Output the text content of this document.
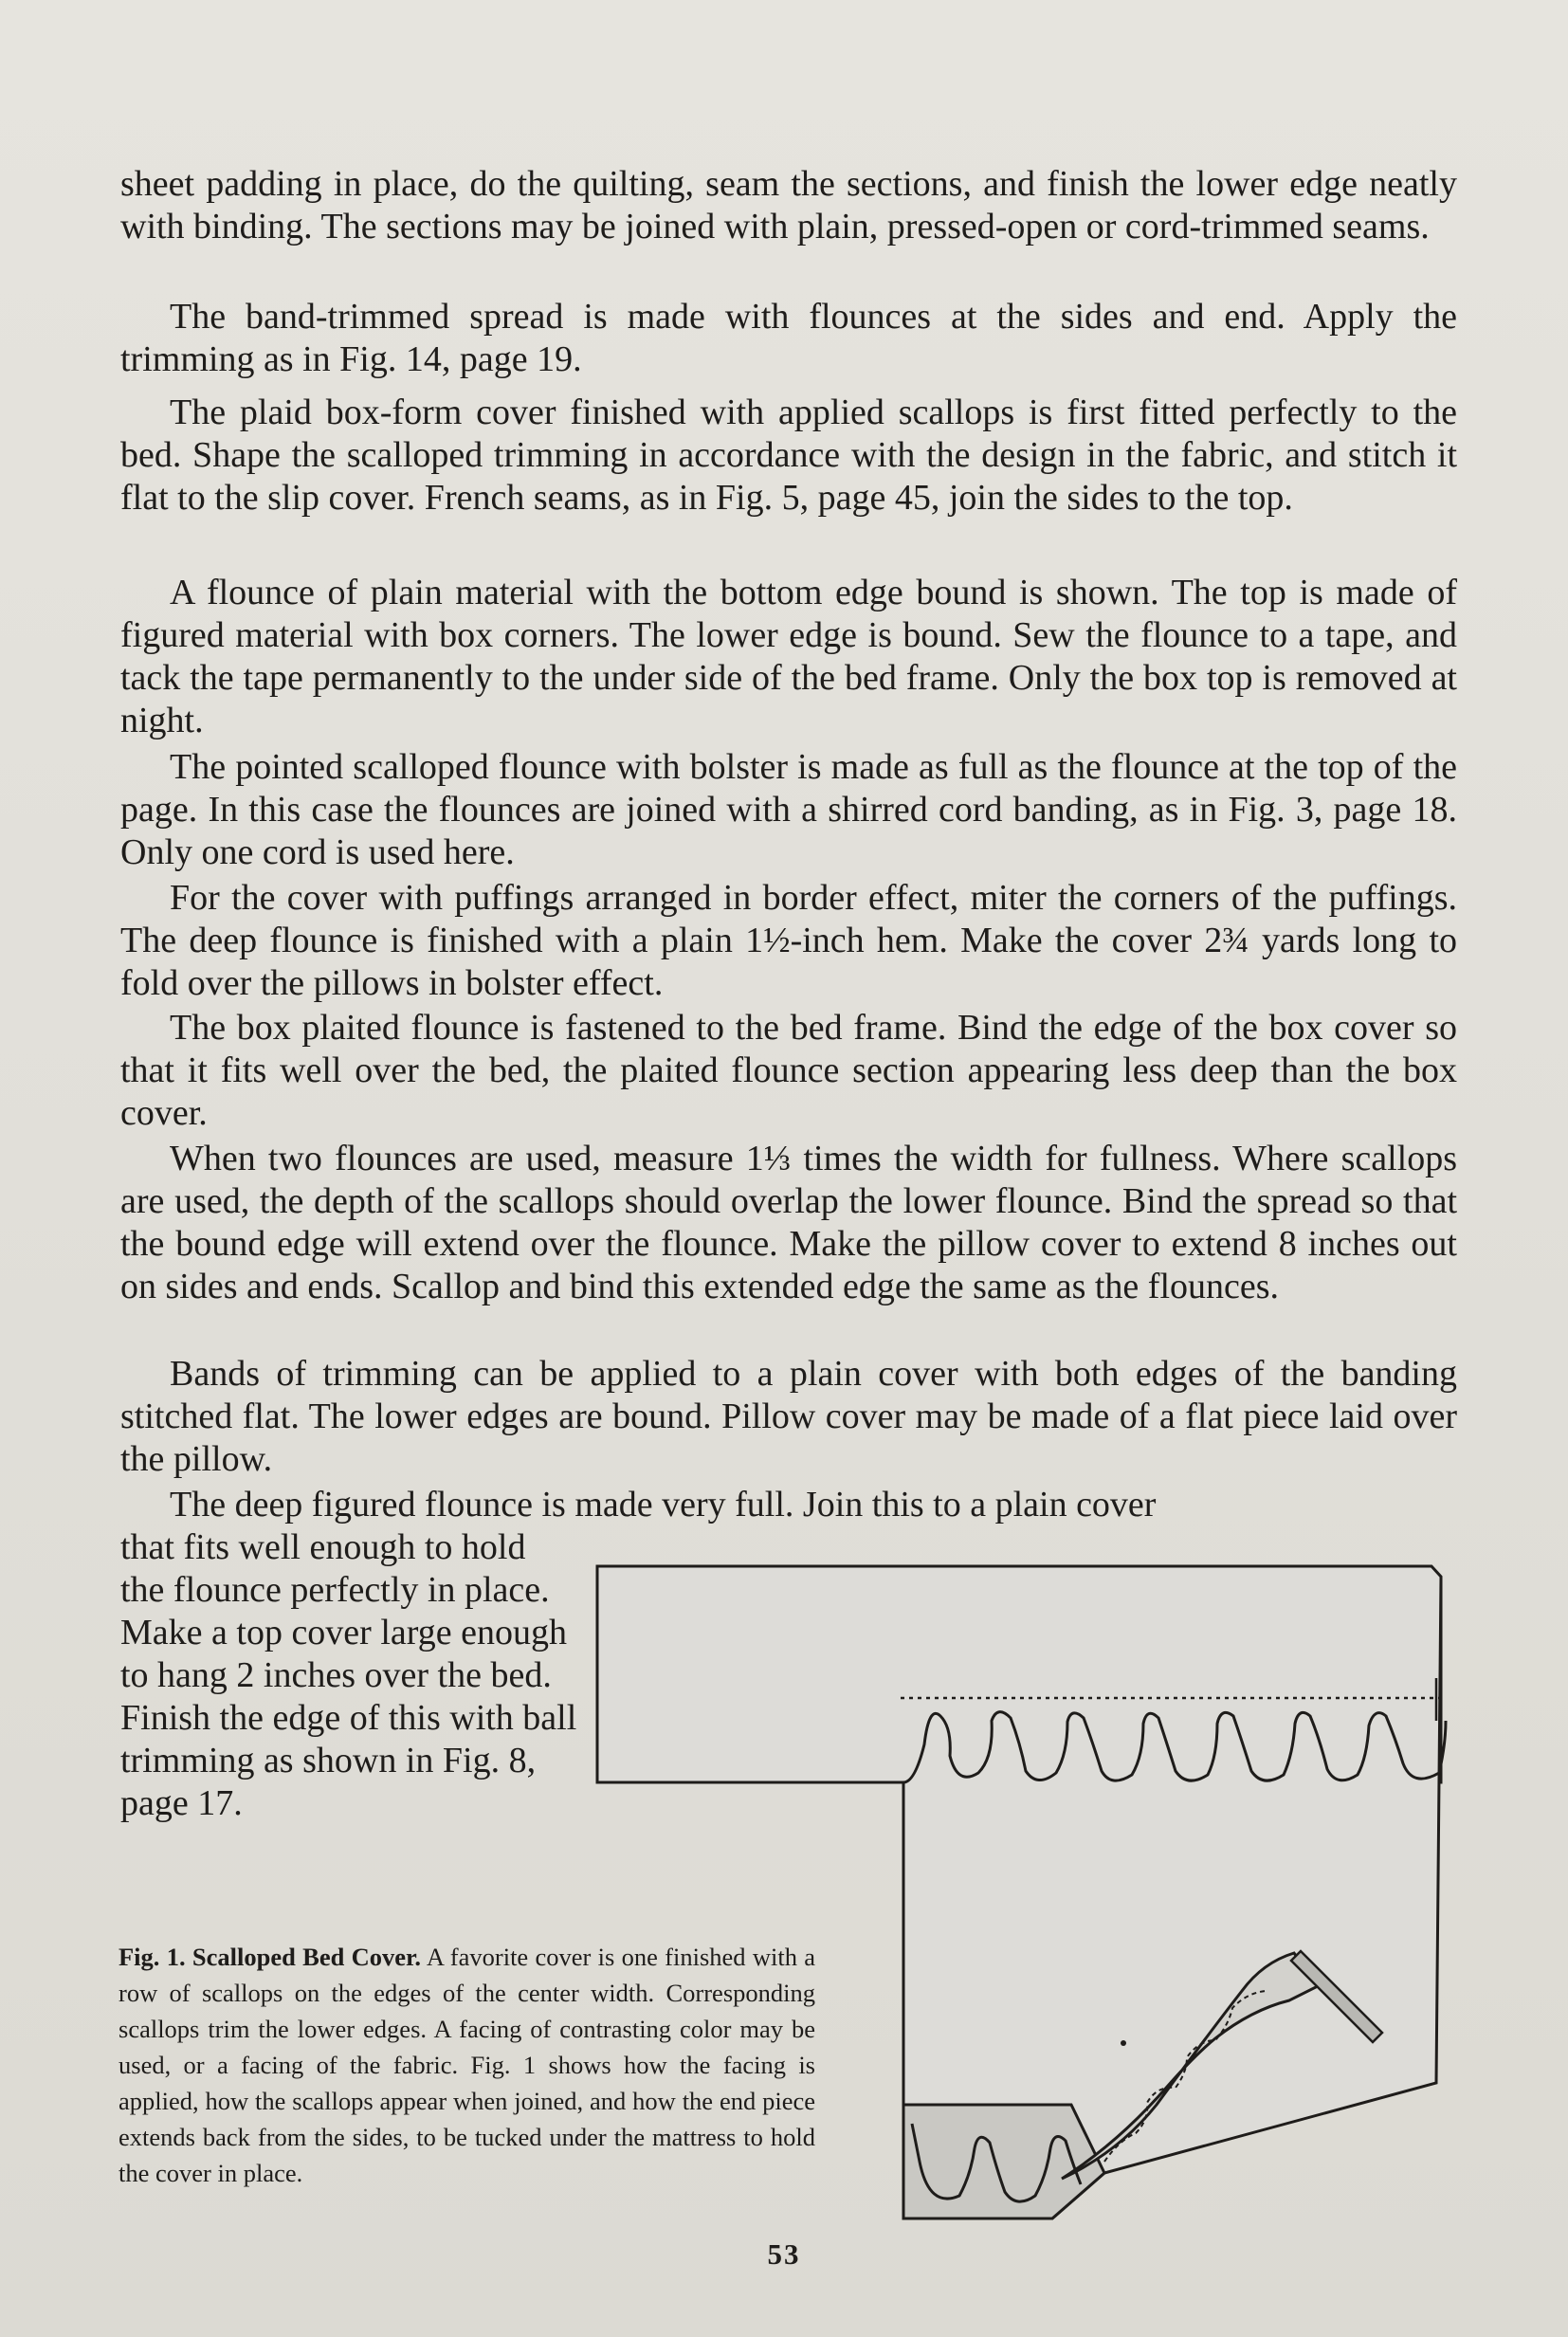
sheet padding in place, do the quilting, seam the sections, and finish the lower edge neatly with binding. The sections may be joined with plain, pressed-open or cord-trimmed seams.

The band-trimmed spread is made with flounces at the sides and end. Apply the trimming as in Fig. 14, page 19.

The plaid box-form cover finished with applied scallops is first fitted perfectly to the bed. Shape the scalloped trimming in accordance with the design in the fabric, and stitch it flat to the slip cover. French seams, as in Fig. 5, page 45, join the sides to the top.

A flounce of plain material with the bottom edge bound is shown. The top is made of figured material with box corners. The lower edge is bound. Sew the flounce to a tape, and tack the tape permanently to the under side of the bed frame. Only the box top is removed at night.

The pointed scalloped flounce with bolster is made as full as the flounce at the top of the page. In this case the flounces are joined with a shirred cord banding, as in Fig. 3, page 18. Only one cord is used here.

For the cover with puffings arranged in border effect, miter the corners of the puffings. The deep flounce is finished with a plain 1½-inch hem. Make the cover 2¾ yards long to fold over the pillows in bolster effect.

The box plaited flounce is fastened to the bed frame. Bind the edge of the box cover so that it fits well over the bed, the plaited flounce section appearing less deep than the box cover.

When two flounces are used, measure 1⅓ times the width for fullness. Where scallops are used, the depth of the scallops should overlap the lower flounce. Bind the spread so that the bound edge will extend over the flounce. Make the pillow cover to extend 8 inches out on sides and ends. Scallop and bind this extended edge the same as the flounces.

Bands of trimming can be applied to a plain cover with both edges of the banding stitched flat. The lower edges are bound. Pillow cover may be made of a flat piece laid over the pillow.

The deep figured flounce is made very full. Join this to a plain cover

that fits well enough to hold the flounce perfectly in place. Make a top cover large enough to hang 2 inches over the bed. Finish the edge of this with ball trimming as shown in Fig. 8, page 17.

Fig. 1. Scalloped Bed Cover. A favorite cover is one finished with a row of scallops on the edges of the center width. Corresponding scallops trim the lower edges. A facing of contrasting color may be used, or a facing of the fabric. Fig. 1 shows how the facing is applied, how the scallops appear when joined, and how the end piece extends back from the sides, to be tucked under the mattress to hold the cover in place.

53
